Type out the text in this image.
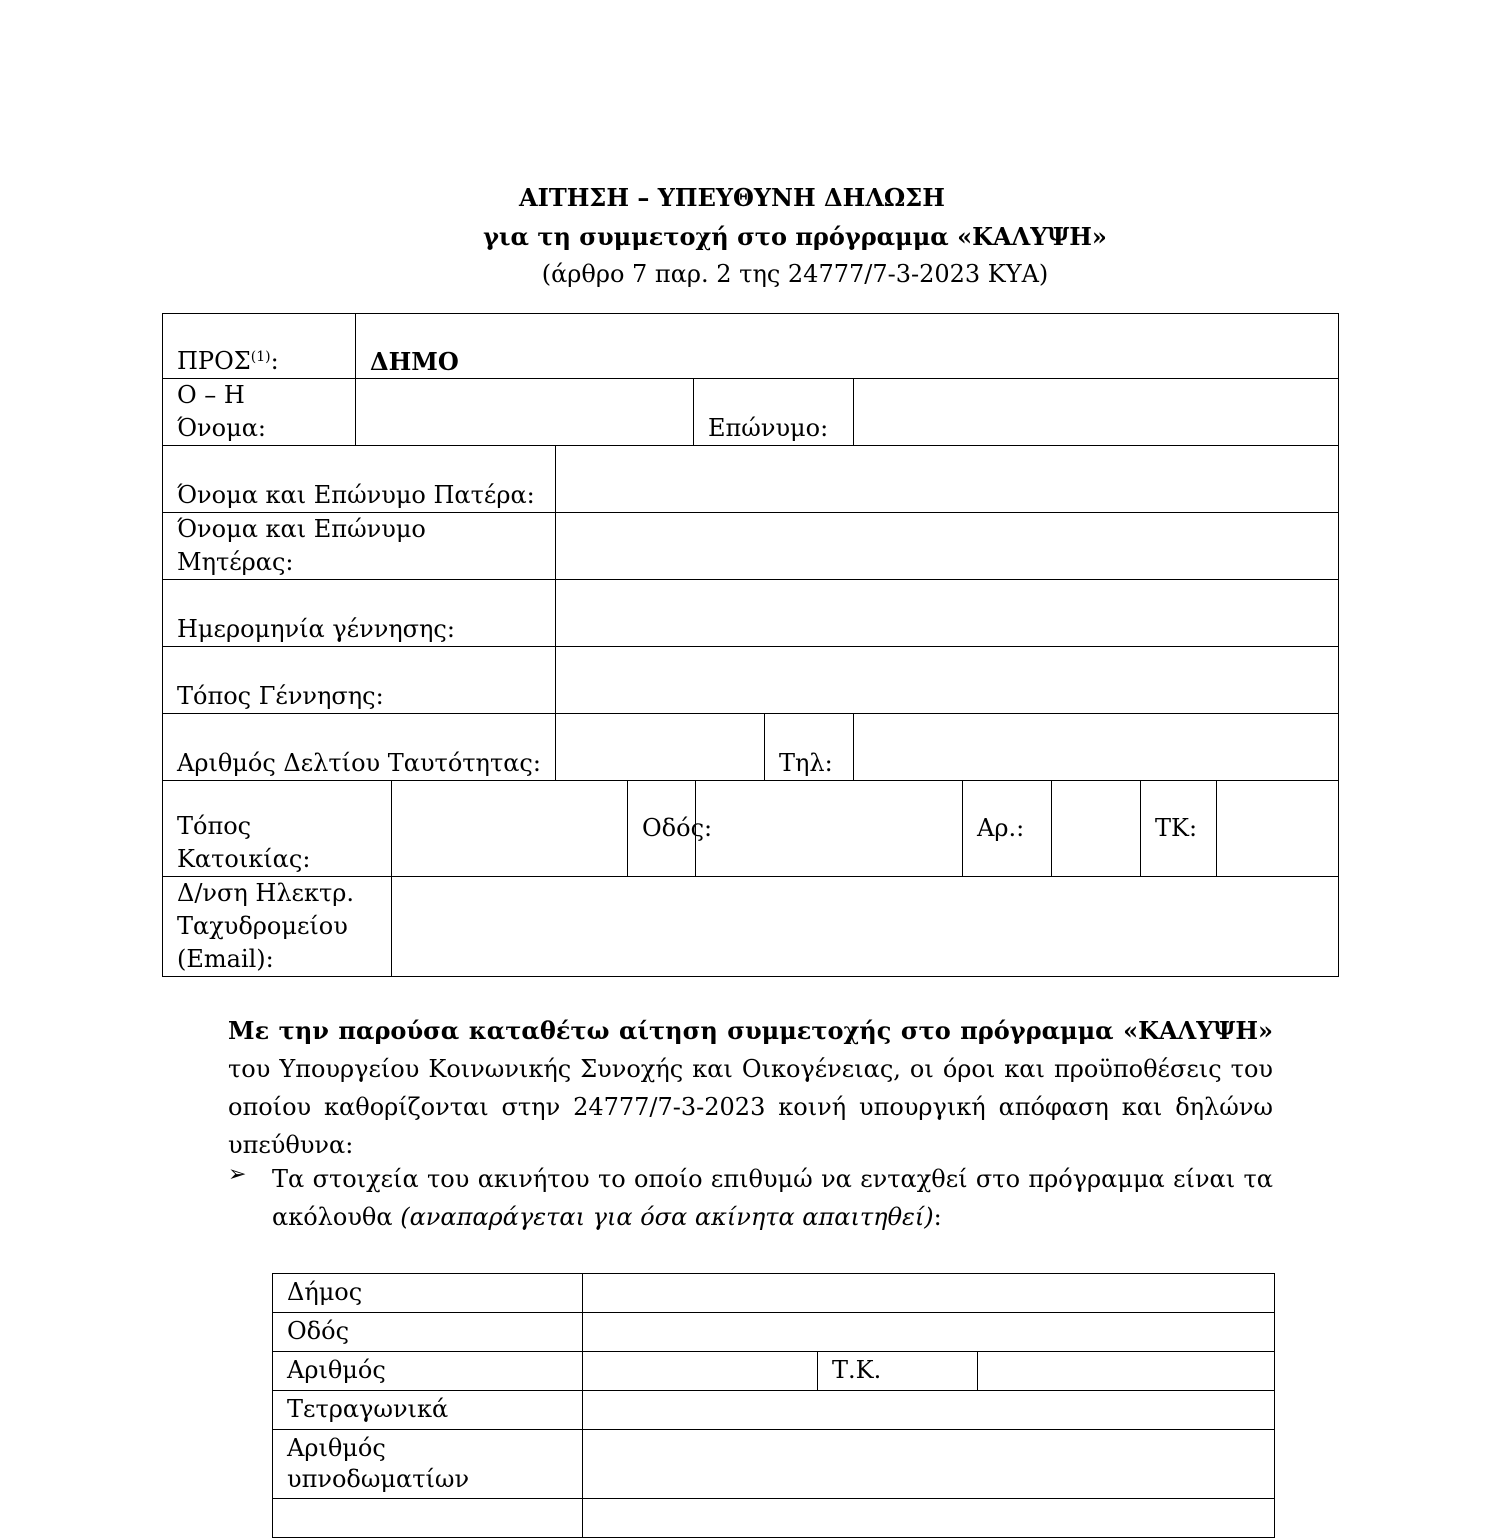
ΑΙΤΗΣΗ – ΥΠΕΥΘΥΝΗ ΔΗΛΩΣΗ
για τη συμμετοχή στο πρόγραμμα «ΚΑΛΥΨΗ»
(άρθρο 7 παρ. 2 της 24777/7-3-2023 ΚΥΑ)
ΠΡΟΣ$^{(1)}$:	ΔΗΜΟ											
Ο – Η Όνομα:					Επώνυμο:							
Όνομα και Επώνυμο Πατέρα:												
Όνομα και Επώνυμο Μητέρας:												
Ημερομηνία γέννησης:												
Τόπος Γέννησης:												
Αριθμός Δελτίου Ταυτότητας:							Τηλ:					

Τόπος
Κατοικίας:				Οδός:					Αρ.:		ΤΚ:	

Δ/νση Ηλεκτρ.
Ταχυδρομείου
(Email):												

Με την παρούσα καταθέτω αίτηση συμμετοχής στο πρόγραμμα «ΚΑΛΥΨΗ» του Υπουργείου Κοινωνικής Συνοχής και Οικογένειας, οι όροι και προϋποθέσεις του οποίου καθορίζονται στην 24777/7-3-2023 κοινή υπουργική απόφαση και δηλώνω υπεύθυνα:
➢ Τα στοιχεία του ακινήτου το οποίο επιθυμώ να ενταχθεί στο πρόγραμμα είναι τα ακόλουθα (αναπαράγεται για όσα ακίνητα απαιτηθεί):
Δήμος			
Οδός			
Αριθμός		Τ.Κ.	
Τετραγωνικά			

Αριθμός
υπνοδωματίων			
